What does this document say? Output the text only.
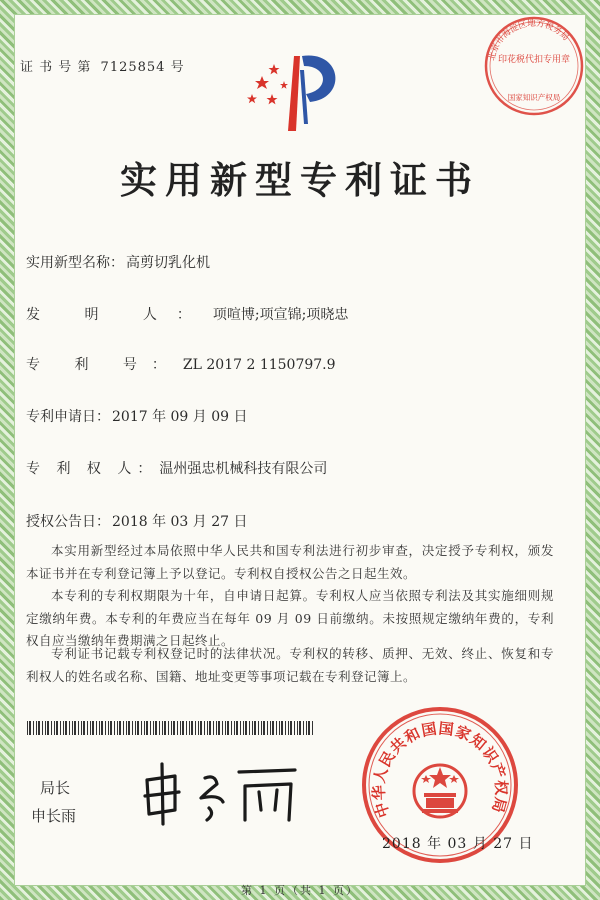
证 书 号 第 7125854 号
北京市海淀区地方税务局
印花税代扣专用章
国家知识产权局
实用新型专利证书
实用新型名称： 高剪切乳化机
发 明 人： 项喧博;项宣锦;项晓忠
专 利 号： ZL 2017 2 1150797.9
专利申请日： 2017 年 09 月 09 日
专 利 权 人： 温州强忠机械科技有限公司
授权公告日： 2018 年 03 月 27 日
本实用新型经过本局依照中华人民共和国专利法进行初步审查，决定授予专利权，颁发本证书并在专利登记簿上予以登记。专利权自授权公告之日起生效。
本专利的专利权期限为十年，自申请日起算。专利权人应当依照专利法及其实施细则规定缴纳年费。本专利的年费应当在每年 09 月 09 日前缴纳。未按照规定缴纳年费的，专利权自应当缴纳年费期满之日起终止。
专利证书记载专利权登记时的法律状况。专利权的转移、质押、无效、终止、恢复和专利权人的姓名或名称、国籍、地址变更等事项记载在专利登记簿上。
局长
申长雨	中华人民共和国国家知识产权局
2018 年 03 月 27 日
第 1 页（共 1 页）
